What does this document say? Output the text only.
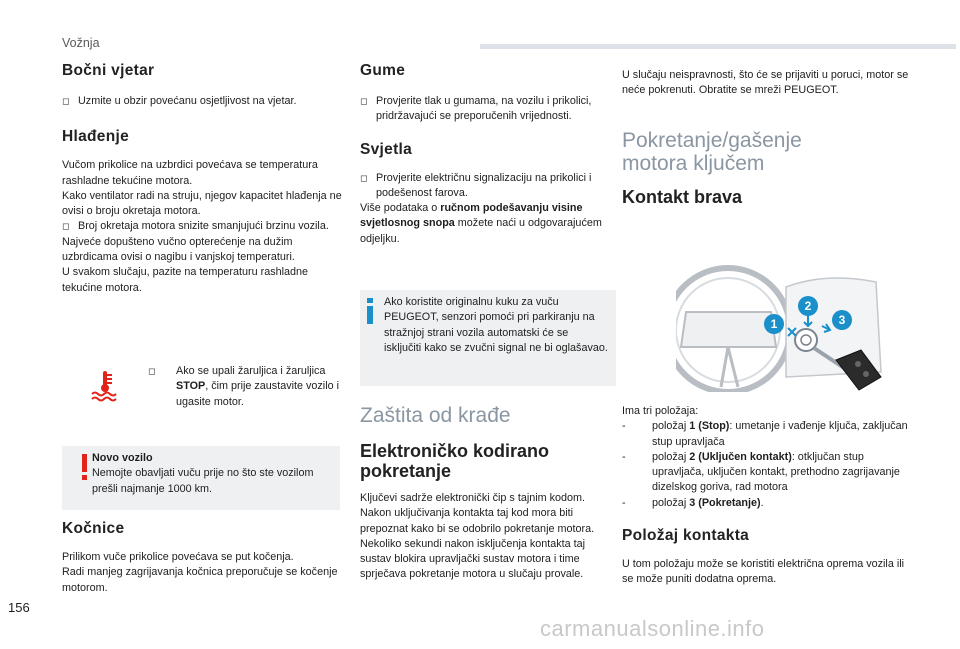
Vožnja
Bočni vjetar
◻ Uzmite u obzir povećanu osjetljivost na vjetar.
Hlađenje

Vučom prikolice na uzbrdici povećava se temperatura rashladne tekućine motora.

Kako ventilator radi na struju, njegov kapacitet hlađenja ne ovisi o broju okretaja motora.

◻ Broj okretaja motora snizite smanjujući brzinu vozila.

Najveće dopušteno vučno opterećenje na dužim uzbrdicama ovisi o nagibu i vanjskoj temperaturi.

U svakom slučaju, pazite na temperaturu rashladne tekućine motora.

◻ Ako se upali žaruljica i žaruljica STOP, čim prije zaustavite vozilo i ugasite motor.
Novo vozilo
Nemojte obavljati vuču prije no što ste vozilom prešli najmanje 1000 km.
Kočnice

Prilikom vuče prikolice povećava se put kočenja.

Radi manjeg zagrijavanja kočnica preporučuje se kočenje motorom.

Gume
◻ Provjerite tlak u gumama, na vozilu i prikolici, pridržavajući se preporučenih vrijednosti.
Svjetla
◻ Provjerite električnu signalizaciju na prikolici i podešenost farova.

Više podataka o ručnom podešavanju visine svjetlosnog snopa možete naći u odgovarajućem odjeljku.

Ako koristite originalnu kuku za vuču PEUGEOT, senzori pomoći pri parkiranju na stražnjoj strani vozila automatski će se isključiti kako se zvučni signal ne bi oglašavao.

Zaštita od krađe
Elektroničko kodirano pokretanje

Ključevi sadrže elektronički čip s tajnim kodom. Nakon uključivanja kontakta taj kod mora biti prepoznat kako bi se odobrilo pokretanje motora.

Nekoliko sekundi nakon isključenja kontakta taj sustav blokira upravljački sustav motora i time sprječava pokretanje motora u slučaju provale.

U slučaju neispravnosti, što će se prijaviti u poruci, motor se neće pokrenuti. Obratite se mreži PEUGEOT.

Pokretanje/gašenje motora ključem
Kontakt brava
1
2
3

Ima tri položaja:

- položaj 1 (Stop): umetanje i vađenje ključa, zaključan stup upravljača
- položaj 2 (Uključen kontakt): otključan stup upravljača, uključen kontakt, prethodno zagrijavanje dizelskog goriva, rad motora
- položaj 3 (Pokretanje).
Položaj kontakta

U tom položaju može se koristiti električna oprema vozila ili se može puniti dodatna oprema.

156
carmanualsonline.info
